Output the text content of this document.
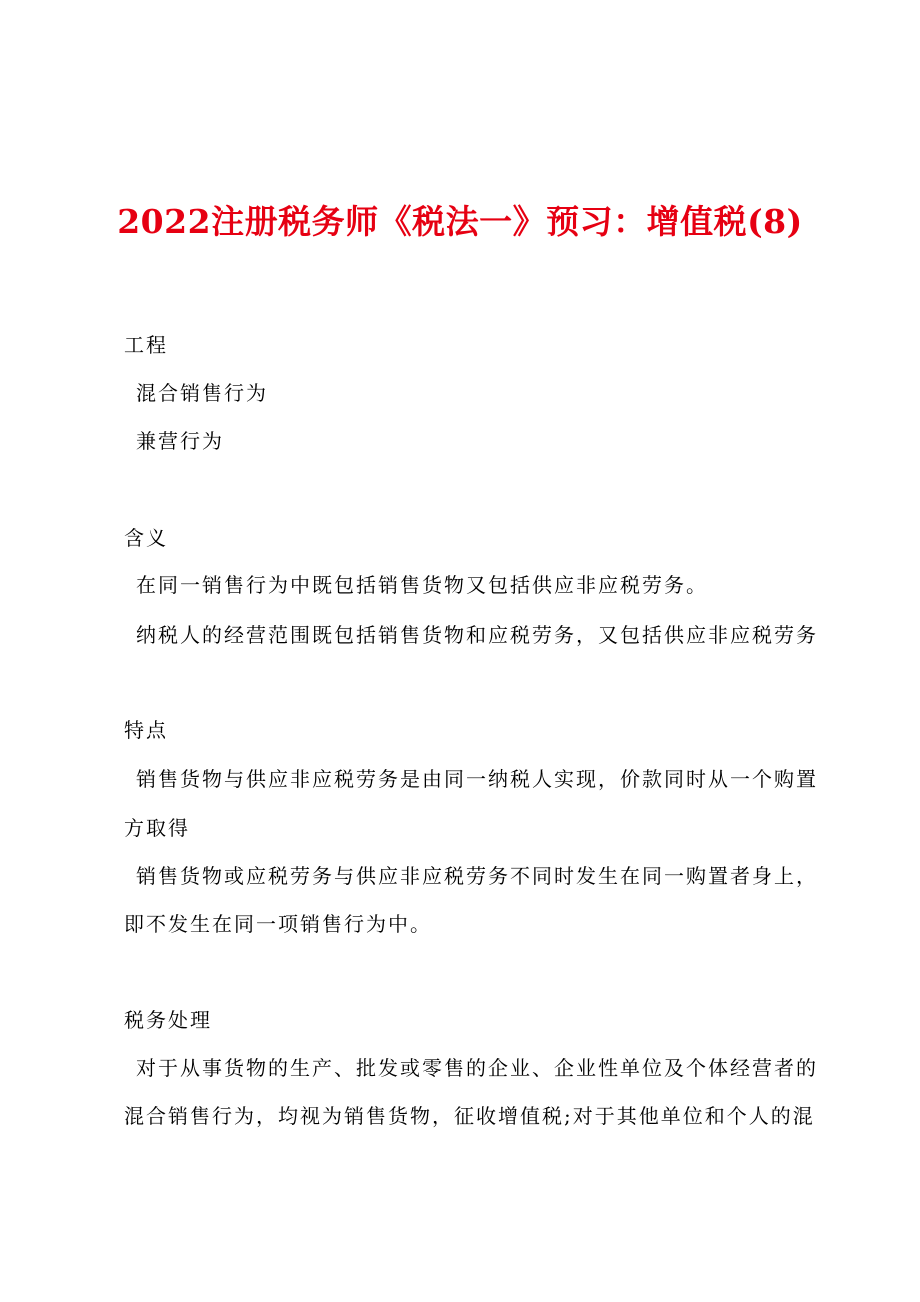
2022注册税务师《税法一》预习：增值税(8)
工程
混合销售行为
兼营行为
含义
在同一销售行为中既包括销售货物又包括供应非应税劳务。
纳税人的经营范围既包括销售货物和应税劳务，又包括供应非应税劳务
特点
销售货物与供应非应税劳务是由同一纳税人实现，价款同时从一个购置
方取得
销售货物或应税劳务与供应非应税劳务不同时发生在同一购置者身上，
即不发生在同一项销售行为中。
税务处理
对于从事货物的生产、批发或零售的企业、企业性单位及个体经营者的
混合销售行为，均视为销售货物，征收增值税;对于其他单位和个人的混
